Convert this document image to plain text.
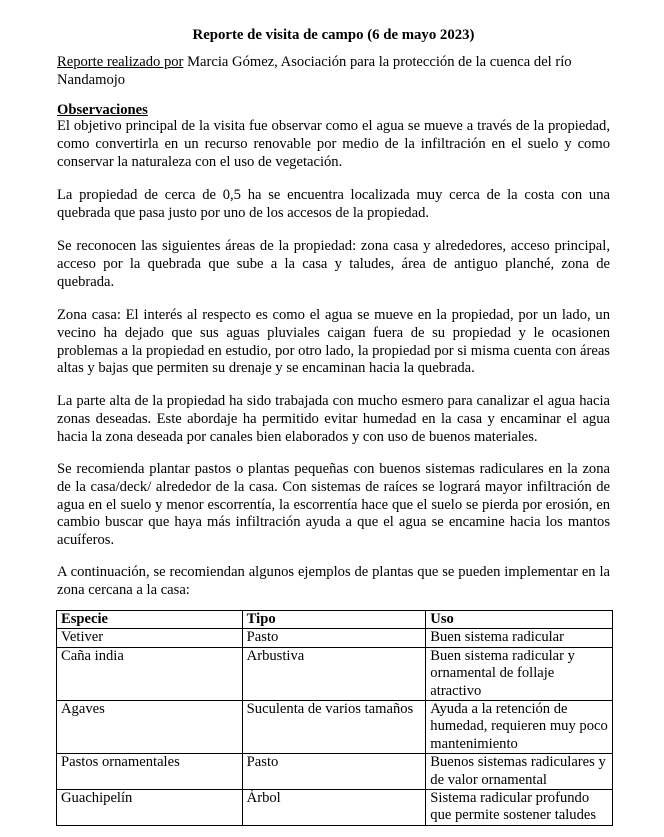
Reporte de visita de campo (6 de mayo 2023)
Reporte realizado por Marcia Gómez, Asociación para la protección de la cuenca del río Nandamojo
Observaciones

El objetivo principal de la visita fue observar como el agua se mueve a través de la propiedad, como convertirla en un recurso renovable por medio de la infiltración en el suelo y como conservar la naturaleza con el uso de vegetación.

La propiedad de cerca de 0,5 ha se encuentra localizada muy cerca de la costa con una quebrada que pasa justo por uno de los accesos de la propiedad.

Se reconocen las siguientes áreas de la propiedad: zona casa y alrededores, acceso principal, acceso por la quebrada que sube a la casa y taludes, área de antiguo planché, zona de quebrada.

Zona casa: El interés al respecto es como el agua se mueve en la propiedad, por un lado, un vecino ha dejado que sus aguas pluviales caigan fuera de su propiedad y le ocasionen problemas a la propiedad en estudio, por otro lado, la propiedad por si misma cuenta con áreas altas y bajas que permiten su drenaje y se encaminan hacia la quebrada.

La parte alta de la propiedad ha sido trabajada con mucho esmero para canalizar el agua hacia zonas deseadas. Este abordaje ha permitido evitar humedad en la casa y encaminar el agua hacia la zona deseada por canales bien elaborados y con uso de buenos materiales.

Se recomienda plantar pastos o plantas pequeñas con buenos sistemas radiculares en la zona de la casa/deck/ alrededor de la casa. Con sistemas de raíces se logrará mayor infiltración de agua en el suelo y menor escorrentía, la escorrentía hace que el suelo se pierda por erosión, en cambio buscar que haya más infiltración ayuda a que el agua se encamine hacia los mantos acuíferos.

A continuación, se recomiendan algunos ejemplos de plantas que se pueden implementar en la zona cercana a la casa:

Especie	Tipo	Uso
Vetiver	Pasto	Buen sistema radicular
Caña india	Arbustiva	Buen sistema radicular y ornamental de follaje atractivo
Agaves	Suculenta de varios tamaños	Ayuda a la retención de humedad, requieren muy poco mantenimiento
Pastos ornamentales	Pasto	Buenos sistemas radiculares y de valor ornamental
Guachipelín	Árbol	Sistema radicular profundo que permite sostener taludes
